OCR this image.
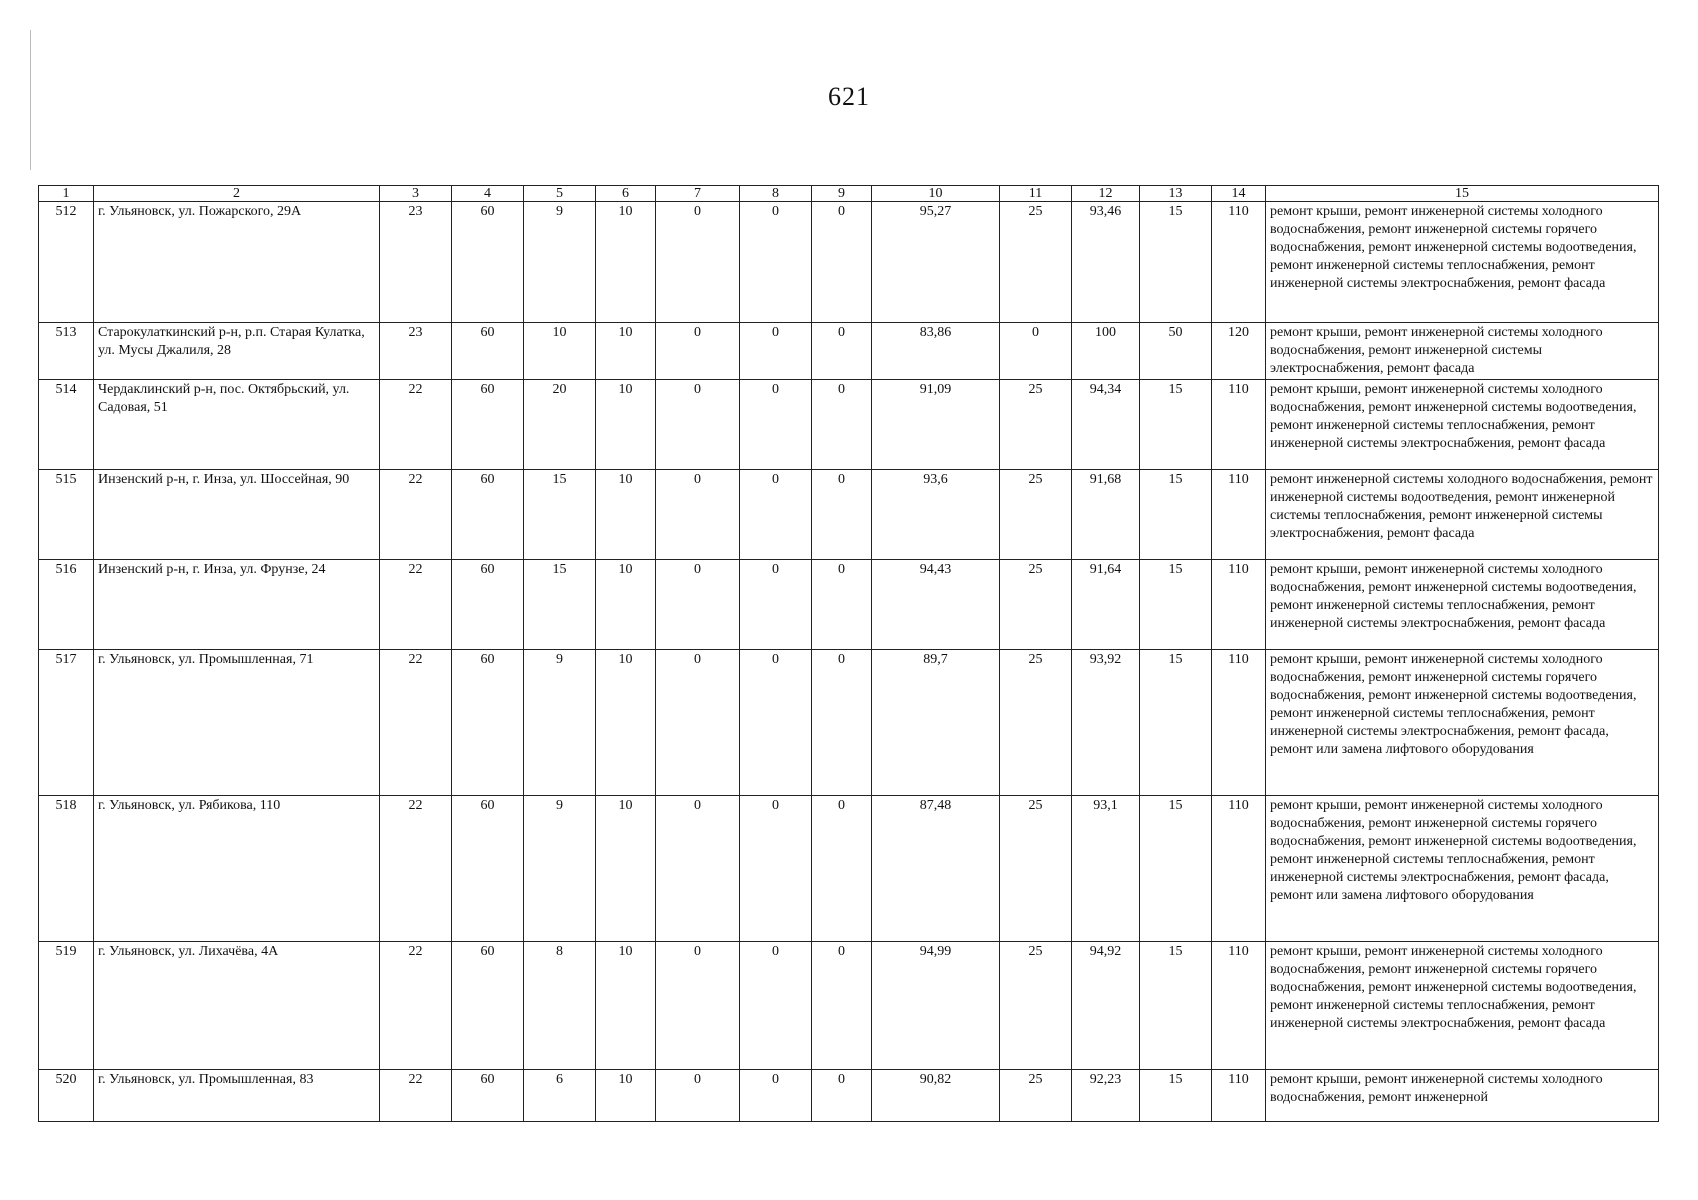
621
1	2	3	4	5	6	7	8	9	10	11	12	13	14	15
512	г. Ульяновск, ул. Пожарского, 29А	23	60	9	10	0	0	0	95,27	25	93,46	15	110	ремонт крыши, ремонт инженерной системы холодного водоснабжения, ремонт инженерной системы горячего водоснабжения, ремонт инженерной системы водоотведения, ремонт инженерной системы теплоснабжения, ремонт инженерной системы электроснабжения, ремонт фасада
513	Старокулаткинский р-н, р.п. Старая Кулатка, ул. Мусы Джалиля, 28	23	60	10	10	0	0	0	83,86	0	100	50	120	ремонт крыши, ремонт инженерной системы холодного водоснабжения, ремонт инженерной системы электроснабжения, ремонт фасада
514	Чердаклинский р-н, пос. Октябрьский, ул. Садовая, 51	22	60	20	10	0	0	0	91,09	25	94,34	15	110	ремонт крыши, ремонт инженерной системы холодного водоснабжения, ремонт инженерной системы водоотведения, ремонт инженерной системы теплоснабжения, ремонт инженерной системы электроснабжения, ремонт фасада
515	Инзенский р-н, г. Инза, ул. Шоссейная, 90	22	60	15	10	0	0	0	93,6	25	91,68	15	110	ремонт инженерной системы холодного водоснабжения, ремонт инженерной системы водоотведения, ремонт инженерной системы теплоснабжения, ремонт инженерной системы электроснабжения, ремонт фасада
516	Инзенский р-н, г. Инза, ул. Фрунзе, 24	22	60	15	10	0	0	0	94,43	25	91,64	15	110	ремонт крыши, ремонт инженерной системы холодного водоснабжения, ремонт инженерной системы водоотведения, ремонт инженерной системы теплоснабжения, ремонт инженерной системы электроснабжения, ремонт фасада
517	г. Ульяновск, ул. Промышленная, 71	22	60	9	10	0	0	0	89,7	25	93,92	15	110	ремонт крыши, ремонт инженерной системы холодного водоснабжения, ремонт инженерной системы горячего водоснабжения, ремонт инженерной системы водоотведения, ремонт инженерной системы теплоснабжения, ремонт инженерной системы электроснабжения, ремонт фасада, ремонт или замена лифтового оборудования
518	г. Ульяновск, ул. Рябикова, 110	22	60	9	10	0	0	0	87,48	25	93,1	15	110	ремонт крыши, ремонт инженерной системы холодного водоснабжения, ремонт инженерной системы горячего водоснабжения, ремонт инженерной системы водоотведения, ремонт инженерной системы теплоснабжения, ремонт инженерной системы электроснабжения, ремонт фасада, ремонт или замена лифтового оборудования
519	г. Ульяновск, ул. Лихачёва, 4А	22	60	8	10	0	0	0	94,99	25	94,92	15	110	ремонт крыши, ремонт инженерной системы холодного водоснабжения, ремонт инженерной системы горячего водоснабжения, ремонт инженерной системы водоотведения, ремонт инженерной системы теплоснабжения, ремонт инженерной системы электроснабжения, ремонт фасада
520	г. Ульяновск, ул. Промышленная, 83	22	60	6	10	0	0	0	90,82	25	92,23	15	110	ремонт крыши, ремонт инженерной системы холодного водоснабжения, ремонт инженерной
